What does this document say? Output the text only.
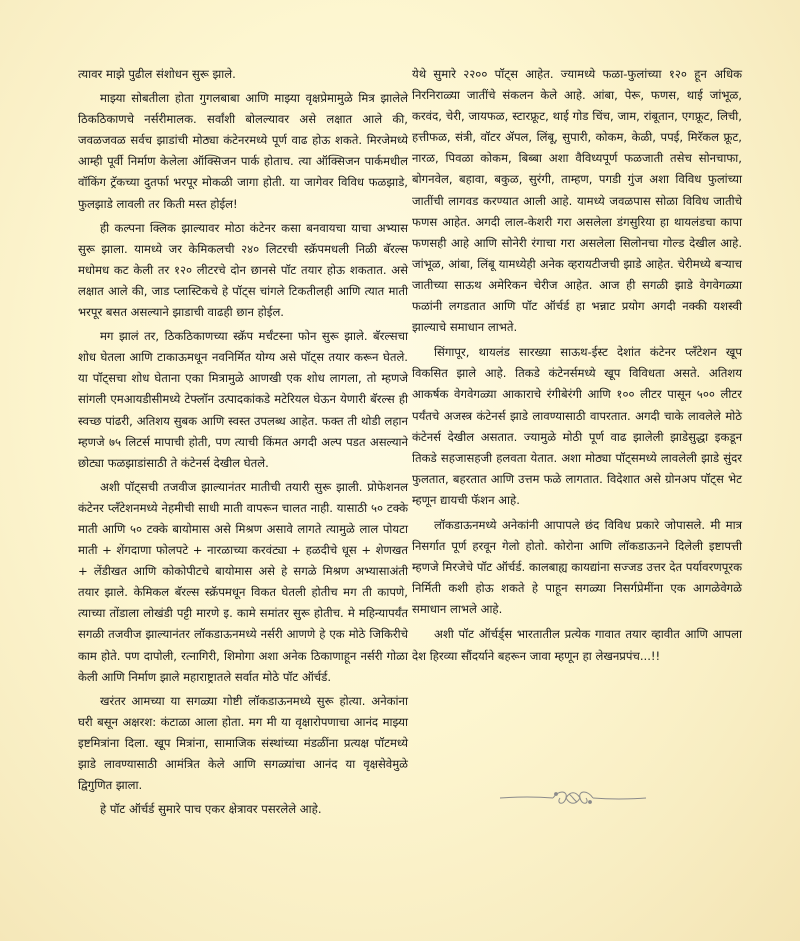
त्यावर माझे पुढील संशोधन सुरू झाले.

माझ्या सोबतीला होता गुगलबाबा आणि माझ्या वृक्षप्रेमामुळे मित्र झालेले ठिकठिकाणचे नर्सरीमालक. सर्वांशी बोलल्यावर असे लक्षात आले की, जवळजवळ सर्वच झाडांची मोठ्या कंटेनरमध्ये पूर्ण वाढ होऊ शकते. मिरजेमध्ये आम्ही पूर्वी निर्माण केलेला ऑक्सिजन पार्क होताच. त्या ऑक्सिजन पार्कमधील वॉकिंग ट्रॅकच्या दुतर्फा भरपूर मोकळी जागा होती. या जागेवर विविध फळझाडे, फुलझाडे लावली तर किती मस्त होईल!

ही कल्पना क्लिक झाल्यावर मोठा कंटेनर कसा बनवायचा याचा अभ्यास सुरू झाला. यामध्ये जर केमिकलची २४० लिटरची स्क्रॅपमधली निळी बॅरल्स मधोमध कट केली तर १२० लीटरचे दोन छानसे पॉट तयार होऊ शकतात. असे लक्षात आले की, जाड प्लास्टिकचे हे पॉट्स चांगले टिकतीलही आणि त्यात माती भरपूर बसत असल्याने झाडाची वाढही छान होईल.

मग झालं तर, ठिकठिकाणच्या स्क्रॅप मर्चंटस्ना फोन सुरू झाले. बॅरल्सचा शोध घेतला आणि टाकाऊमधून नवनिर्मित योग्य असे पॉट्स तयार करून घेतले. या पॉट्सचा शोध घेताना एका मित्रामुळे आणखी एक शोध लागला, तो म्हणजे सांगली एमआयडीसीमध्ये टेफ्लॉन उत्पादकांकडे मटेरियल घेऊन येणारी बॅरल्स ही स्वच्छ पांढरी, अतिशय सुबक आणि स्वस्त उपलब्ध आहेत. फक्त ती थोडी लहान म्हणजे ७५ लिटर्स मापाची होती, पण त्याची किंमत अगदी अल्प पडत असल्याने छोट्या फळझाडांसाठी ते कंटेनर्स देखील घेतले.

अशी पॉट्सची तजवीज झाल्यानंतर मातीची तयारी सुरू झाली. प्रोफेशनल कंटेनर प्लँटेशनमध्ये नेहमीची साधी माती वापरून चालत नाही. यासाठी ५० टक्के माती आणि ५० टक्के बायोमास असे मिश्रण असावे लागते त्यामुळे लाल पोयटा माती + शेंगदाणा फोलपटे + नारळाच्या करवंट्या + हळदीचे धूस + शेणखत + लेंडीखत आणि कोकोपीटचे बायोमास असे हे सगळे मिश्रण अभ्यासाअंती तयार झाले. केमिकल बॅरल्स स्क्रॅपमधून विकत घेतली होतीच मग ती कापणे, त्याच्या तोंडाला लोखंडी पट्टी मारणे इ. कामे समांतर सुरू होतीच. मे महिन्यापर्यंत सगळी तजवीज झाल्यानंतर लॉकडाऊनमध्ये नर्सरी आणणे हे एक मोठे जिकिरीचे काम होते. पण दापोली, रत्नागिरी, शिमोगा अशा अनेक ठिकाणाहून नर्सरी गोळा केली आणि निर्माण झाले महाराष्ट्रातले सर्वात मोठे पॉट ऑर्चर्ड.

खरंतर आमच्या या सगळ्या गोष्टी लॉकडाऊनमध्ये सुरू होत्या. अनेकांना घरी बसून अक्षरश: कंटाळा आला होता. मग मी या वृक्षारोपणाचा आनंद माझ्या इष्टमित्रांना दिला. खूप मित्रांना, सामाजिक संस्थांच्या मंडळींना प्रत्यक्ष पॉटमध्ये झाडे लावण्यासाठी आमंत्रित केले आणि सगळ्यांचा आनंद या वृक्षसेवेमुळे द्विगुणित झाला.

हे पॉट ऑर्चर्ड सुमारे पाच एकर क्षेत्रावर पसरलेले आहे.

येथे सुमारे २२०० पॉट्स आहेत. ज्यामध्ये फळा-फुलांच्या १२० हून अधिक निरनिराळ्या जातींचे संकलन केले आहे. आंबा, पेरू, फणस, थाई जांभूळ, करवंद, चेरी, जायफळ, स्टारफ्रूट, थाई गोड चिंच, जाम, रांबूतान, एगफ्रूट, लिची, हत्तीफळ, संत्री, वॉटर ॲपल, लिंबू, सुपारी, कोकम, केळी, पपई, मिरॅकल फ्रूट, नारळ, पिवळा कोकम, बिब्बा अशा वैविध्यपूर्ण फळजाती तसेच सोनचाफा, बोगनवेल, बहावा, बकुळ, सुरंगी, ताम्हण, पगडी गुंज अशा विविध फुलांच्या जातींची लागवड करण्यात आली आहे. यामध्ये जवळपास सोळा विविध जातीचे फणस आहेत. अगदी लाल-केशरी गरा असलेला डंगसुरिया हा थायलंडचा कापा फणसही आहे आणि सोनेरी रंगाचा गरा असलेला सिलोनचा गोल्ड देखील आहे. जांभूळ, आंबा, लिंबू यामध्येही अनेक व्हरायटीजची झाडे आहेत. चेरीमध्ये बऱ्याच जातीच्या साऊथ अमेरिकन चेरीज आहेत. आज ही सगळी झाडे वेगवेगळ्या फळांनी लगडतात आणि पॉट ऑर्चर्ड हा भन्नाट प्रयोग अगदी नक्की यशस्वी झाल्याचे समाधान लाभते.

सिंगापूर, थायलंड सारख्या साऊथ-ईस्ट देशांत कंटेनर प्लँटेशन खूप विकसित झाले आहे. तिकडे कंटेनर्समध्ये खूप विविधता असते. अतिशय आकर्षक वेगवेगळ्या आकाराचे रंगीबेरंगी आणि १०० लीटर पासून ५०० लीटर पर्यंतचे अजस्त्र कंटेनर्स झाडे लावण्यासाठी वापरतात. अगदी चाके लावलेले मोठे कंटेनर्स देखील असतात. ज्यामुळे मोठी पूर्ण वाढ झालेली झाडेसुद्धा इकडून तिकडे सहजासहजी हलवता येतात. अशा मोठ्या पॉट्समध्ये लावलेली झाडे सुंदर फुलतात, बहरतात आणि उत्तम फळे लागतात. विदेशात असे ग्रोनअप पॉट्स भेट म्हणून द्यायची फॅशन आहे.

लॉकडाऊनमध्ये अनेकांनी आपापले छंद विविध प्रकारे जोपासले. मी मात्र निसर्गात पूर्ण हरवून गेलो होतो. कोरोना आणि लॉकडाऊनने दिलेली इष्टापत्ती म्हणजे मिरजेचे पॉट ऑर्चर्ड. कालबाह्य कायद्यांना सज्जड उत्तर देत पर्यावरणपूरक निर्मिती कशी होऊ शकते हे पाहून सगळ्या निसर्गप्रेमींना एक आगळेवेगळे समाधान लाभले आहे.

अशी पॉट ऑर्चर्ड्स भारतातील प्रत्येक गावात तयार व्हावीत आणि आपला देश हिरव्या सौंदर्याने बहरून जावा म्हणून हा लेखनप्रपंच...!!
